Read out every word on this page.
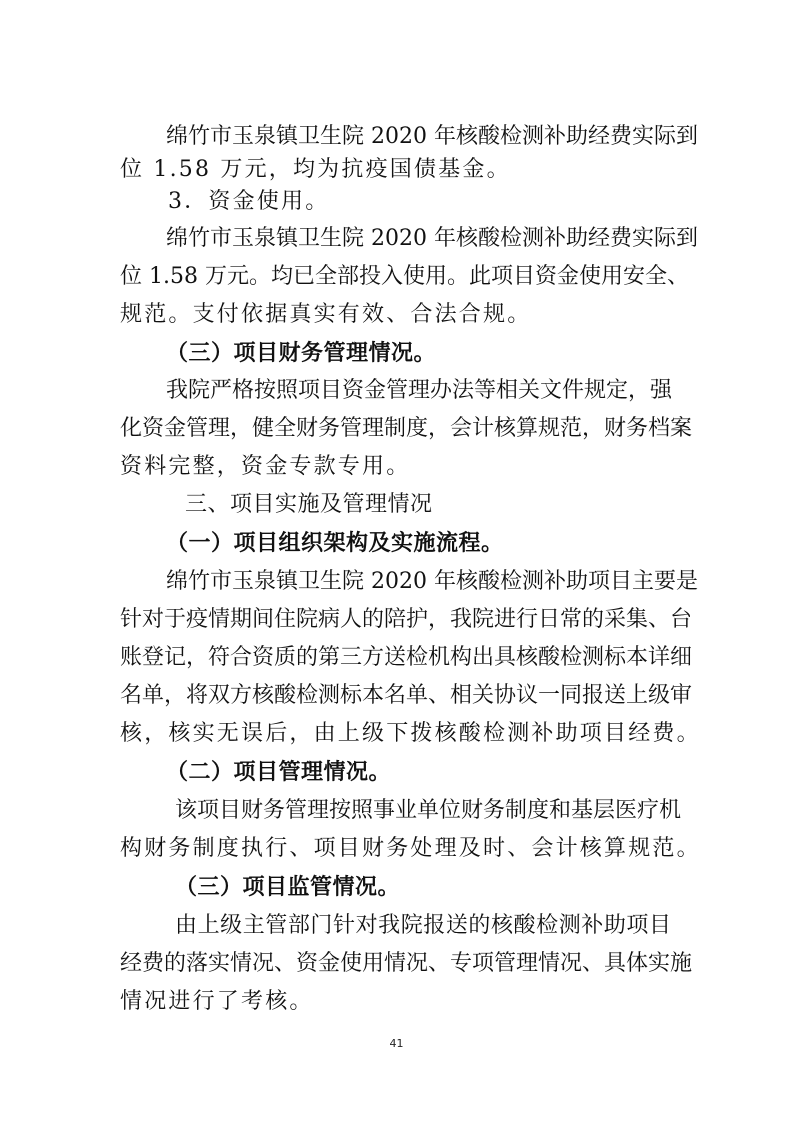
绵竹市玉泉镇卫生院 2020 年核酸检测补助经费实际到
位 1.58 万元，均为抗疫国债基金。
3．资金使用。
绵竹市玉泉镇卫生院 2020 年核酸检测补助经费实际到
位 1.58 万元。均已全部投入使用。此项目资金使用安全、
规范。支付依据真实有效、合法合规。
（三）项目财务管理情况。
我院严格按照项目资金管理办法等相关文件规定，强
化资金管理，健全财务管理制度，会计核算规范，财务档案
资料完整，资金专款专用。
三、项目实施及管理情况
（一）项目组织架构及实施流程。
绵竹市玉泉镇卫生院 2020 年核酸检测补助项目主要是
针对于疫情期间住院病人的陪护，我院进行日常的采集、台
账登记，符合资质的第三方送检机构出具核酸检测标本详细
名单，将双方核酸检测标本名单、相关协议一同报送上级审
核，核实无误后，由上级下拨核酸检测补助项目经费。
（二）项目管理情况。
该项目财务管理按照事业单位财务制度和基层医疗机
构财务制度执行、项目财务处理及时、会计核算规范。
（三）项目监管情况。
由上级主管部门针对我院报送的核酸检测补助项目
经费的落实情况、资金使用情况、专项管理情况、具体实施
情况进行了考核。
41
